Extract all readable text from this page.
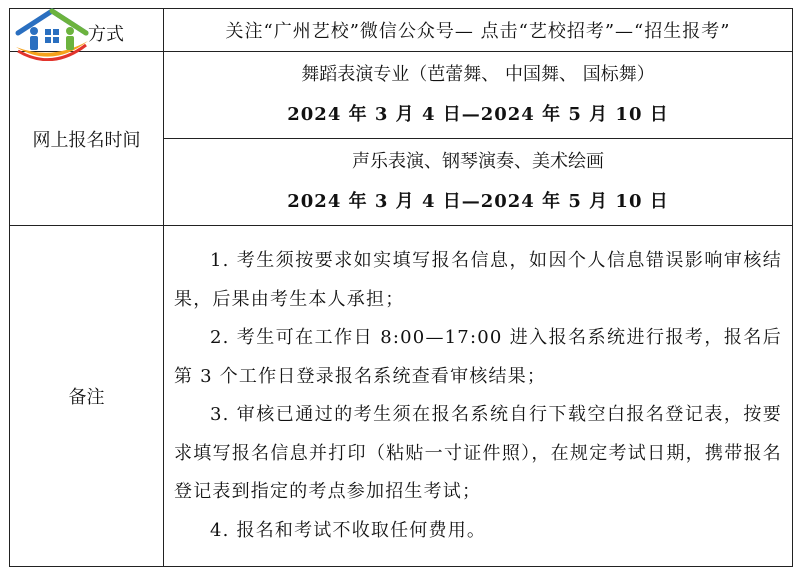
方式	关注“广州艺校”微信公众号— 点击“艺校招考”—“招生报考”
网上报名时间	舞蹈表演专业（芭蕾舞、 中国舞、 国标舞）
2024 年 3 月 4 日—2024 年 5 月 10 日

	声乐表演、钢琴演奏、美术绘画
2024 年 3 月 4 日—2024 年 5 月 10 日

备注	1. 考生须按要求如实填写报名信息，如因个人信息错误影响审核结果，后果由考生本人承担；

2. 考生可在工作日 8:00—17:00 进入报名系统进行报考，报名后第 3 个工作日登录报名系统查看审核结果；

3. 审核已通过的考生须在报名系统自行下载空白报名登记表，按要求填写报名信息并打印（粘贴一寸证件照），在规定考试日期，携带报名登记表到指定的考点参加招生考试；

4. 报名和考试不收取任何费用。
